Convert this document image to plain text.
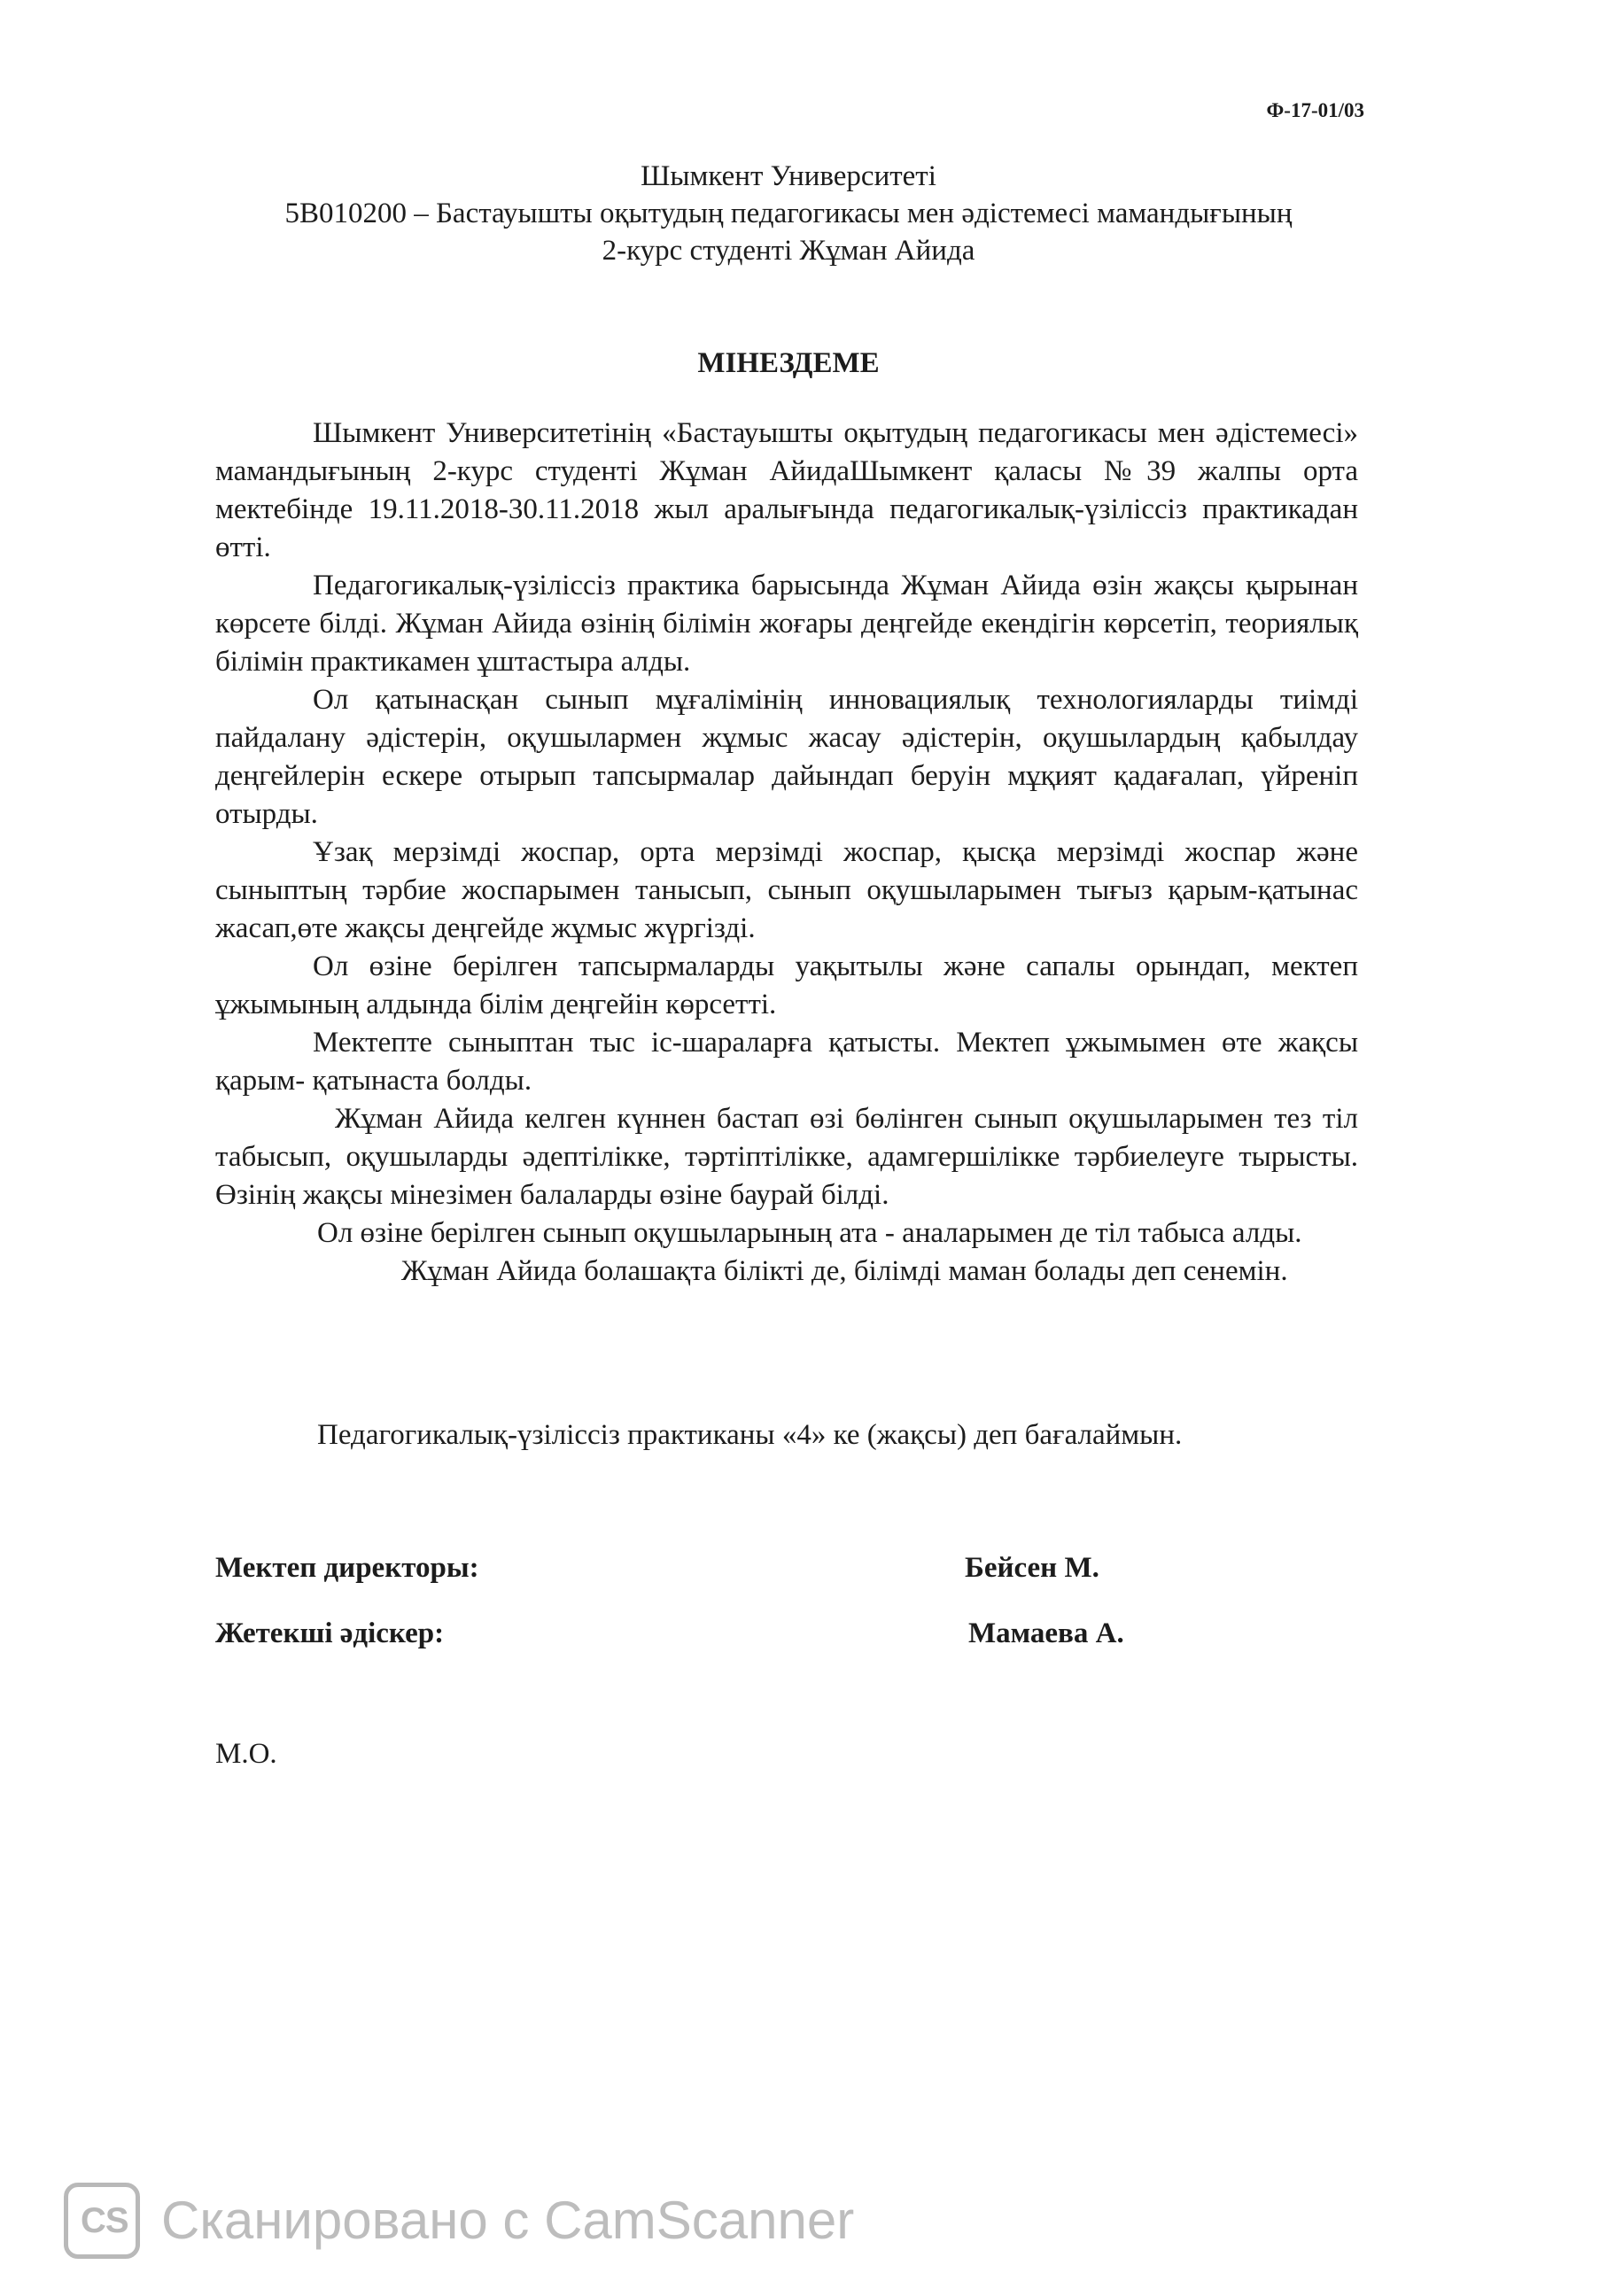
Ф-17-01/03
Шымкент Университеті
5В010200 – Бастауышты оқытудың педагогикасы мен әдістемесі мамандығының
2-курс студенті Жұман Айида
МІНЕЗДЕМЕ

Шымкент Университетінің «Бастауышты оқытудың педагогикасы мен әдістемесі» мамандығының 2-курс студенті Жұман АйидаШымкент қаласы №39 жалпы орта мектебінде 19.11.2018-30.11.2018 жыл аралығында педагогикалық-үзіліссіз практикадан өтті.

Педагогикалық-үзіліссіз практика барысында Жұман Айида өзін жақсы қырынан көрсете білді. Жұман Айида өзінің білімін жоғары деңгейде екендігін көрсетіп, теориялық білімін практикамен ұштастыра алды.

Ол қатынасқан сынып мұғалімінің инновациялық технологияларды тиімді пайдалану әдістерін, оқушылармен жұмыс жасау әдістерін, оқушылардың қабылдау деңгейлерін ескере отырып тапсырмалар дайындап беруін мұқият қадағалап, үйреніп отырды.

Ұзақ мерзімді жоспар, орта мерзімді жоспар, қысқа мерзімді жоспар және сыныптың тәрбие жоспарымен танысып, сынып оқушыларымен тығыз қарым-қатынас жасап,өте жақсы деңгейде жұмыс жүргізді.

Ол өзіне берілген тапсырмаларды уақытылы және сапалы орындап, мектеп ұжымының алдында білім деңгейін көрсетті.

Мектепте сыныптан тыс іс-шараларға қатысты. Мектеп ұжымымен өте жақсы қарым- қатынаста болды.

Жұман Айида келген күннен бастап өзі бөлінген сынып оқушыларымен тез тіл табысып, оқушыларды әдептілікке, тәртіптілікке, адамгершілікке тәрбиелеуге тырысты. Өзінің жақсы мінезімен балаларды өзіне баурай білді.

Ол өзіне берілген сынып оқушыларының ата - аналарымен де тіл табыса алды.

Жұман Айида болашақта білікті де, білімді маман болады деп сенемін.

Педагогикалық-үзіліссіз практиканы «4» ке (жақсы) деп бағалаймын.
Мектеп директоры:	Бейсен М.
Жетекші әдіскер:	Мамаева А.
М.О.
CS Сканировано с CamScanner
